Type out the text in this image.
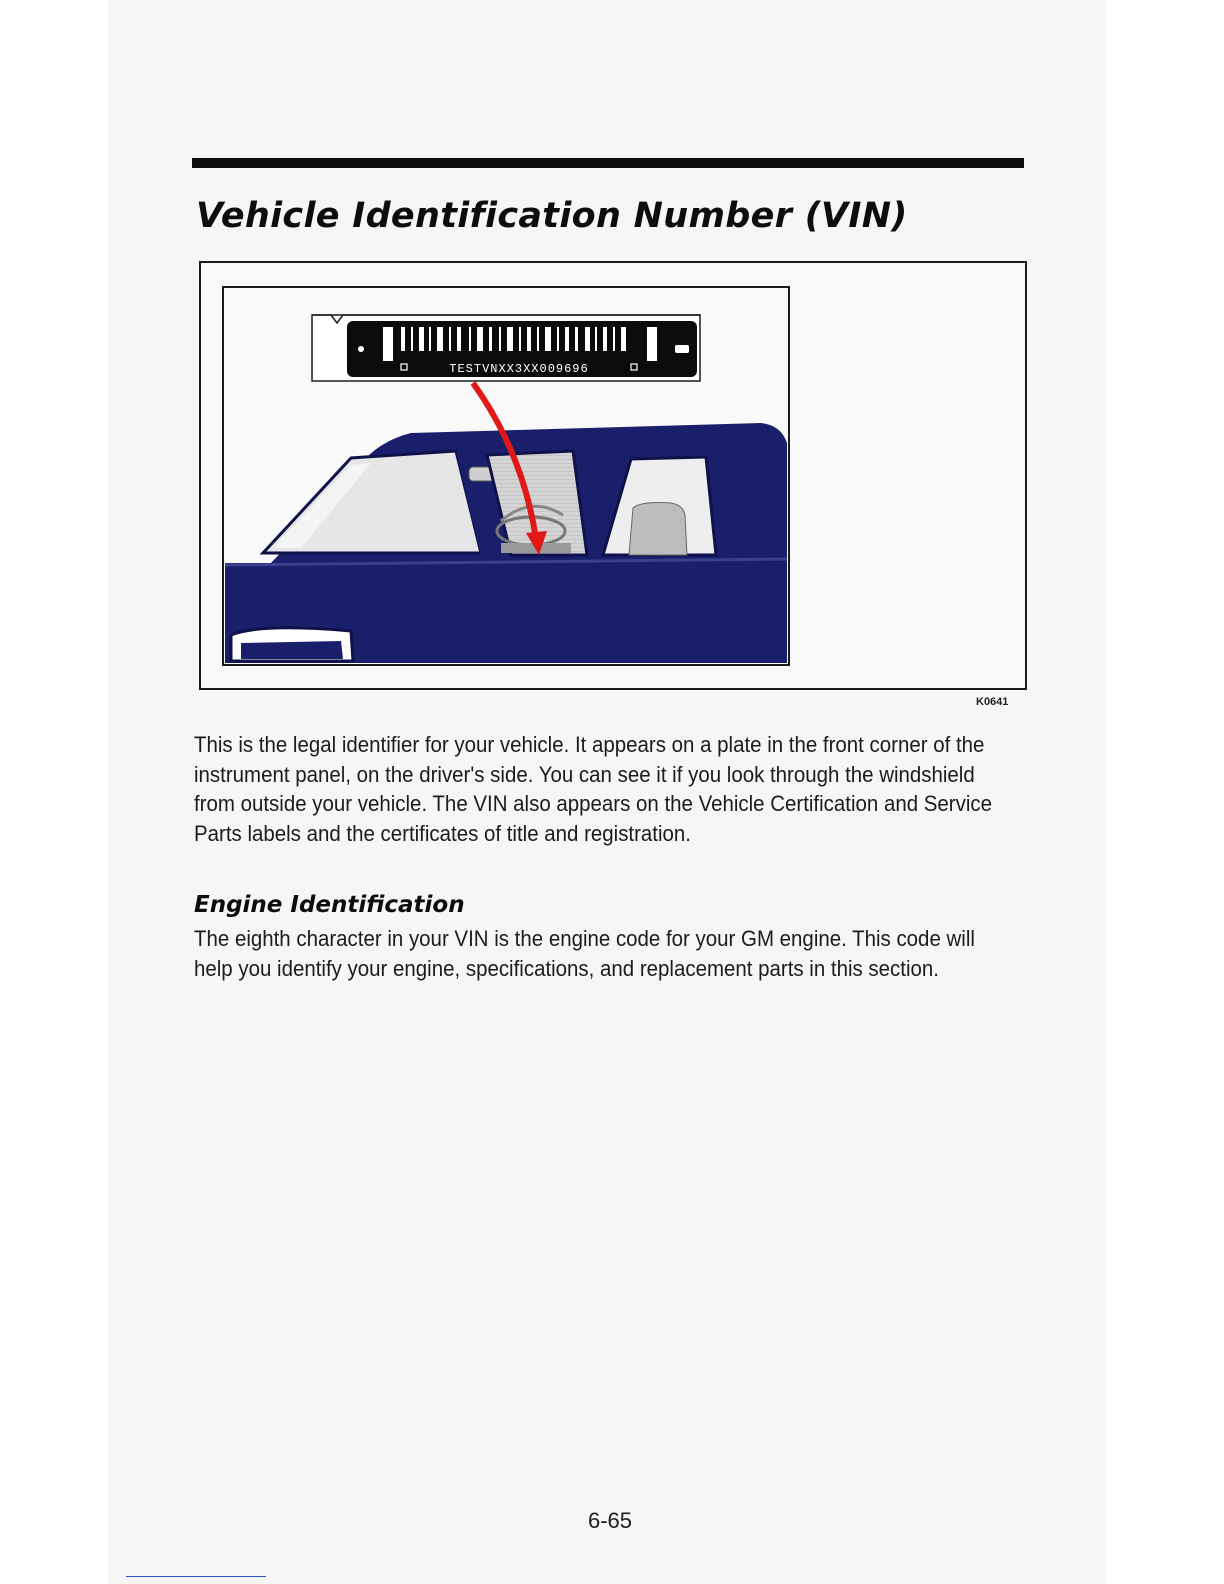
Vehicle Identification Number (VIN)
TESTVNXX3XX009696
K0641

This is the legal identifier for your vehicle. It appears on a plate in the front corner of the instrument panel, on the driver's side. You can see it if you look through the windshield from outside your vehicle. The VIN also appears on the Vehicle Certification and Service Parts labels and the certificates of title and registration.

Engine Identification

The eighth character in your VIN is the engine code for your GM engine. This code will help you identify your engine, specifications, and replacement parts in this section.

6-65
